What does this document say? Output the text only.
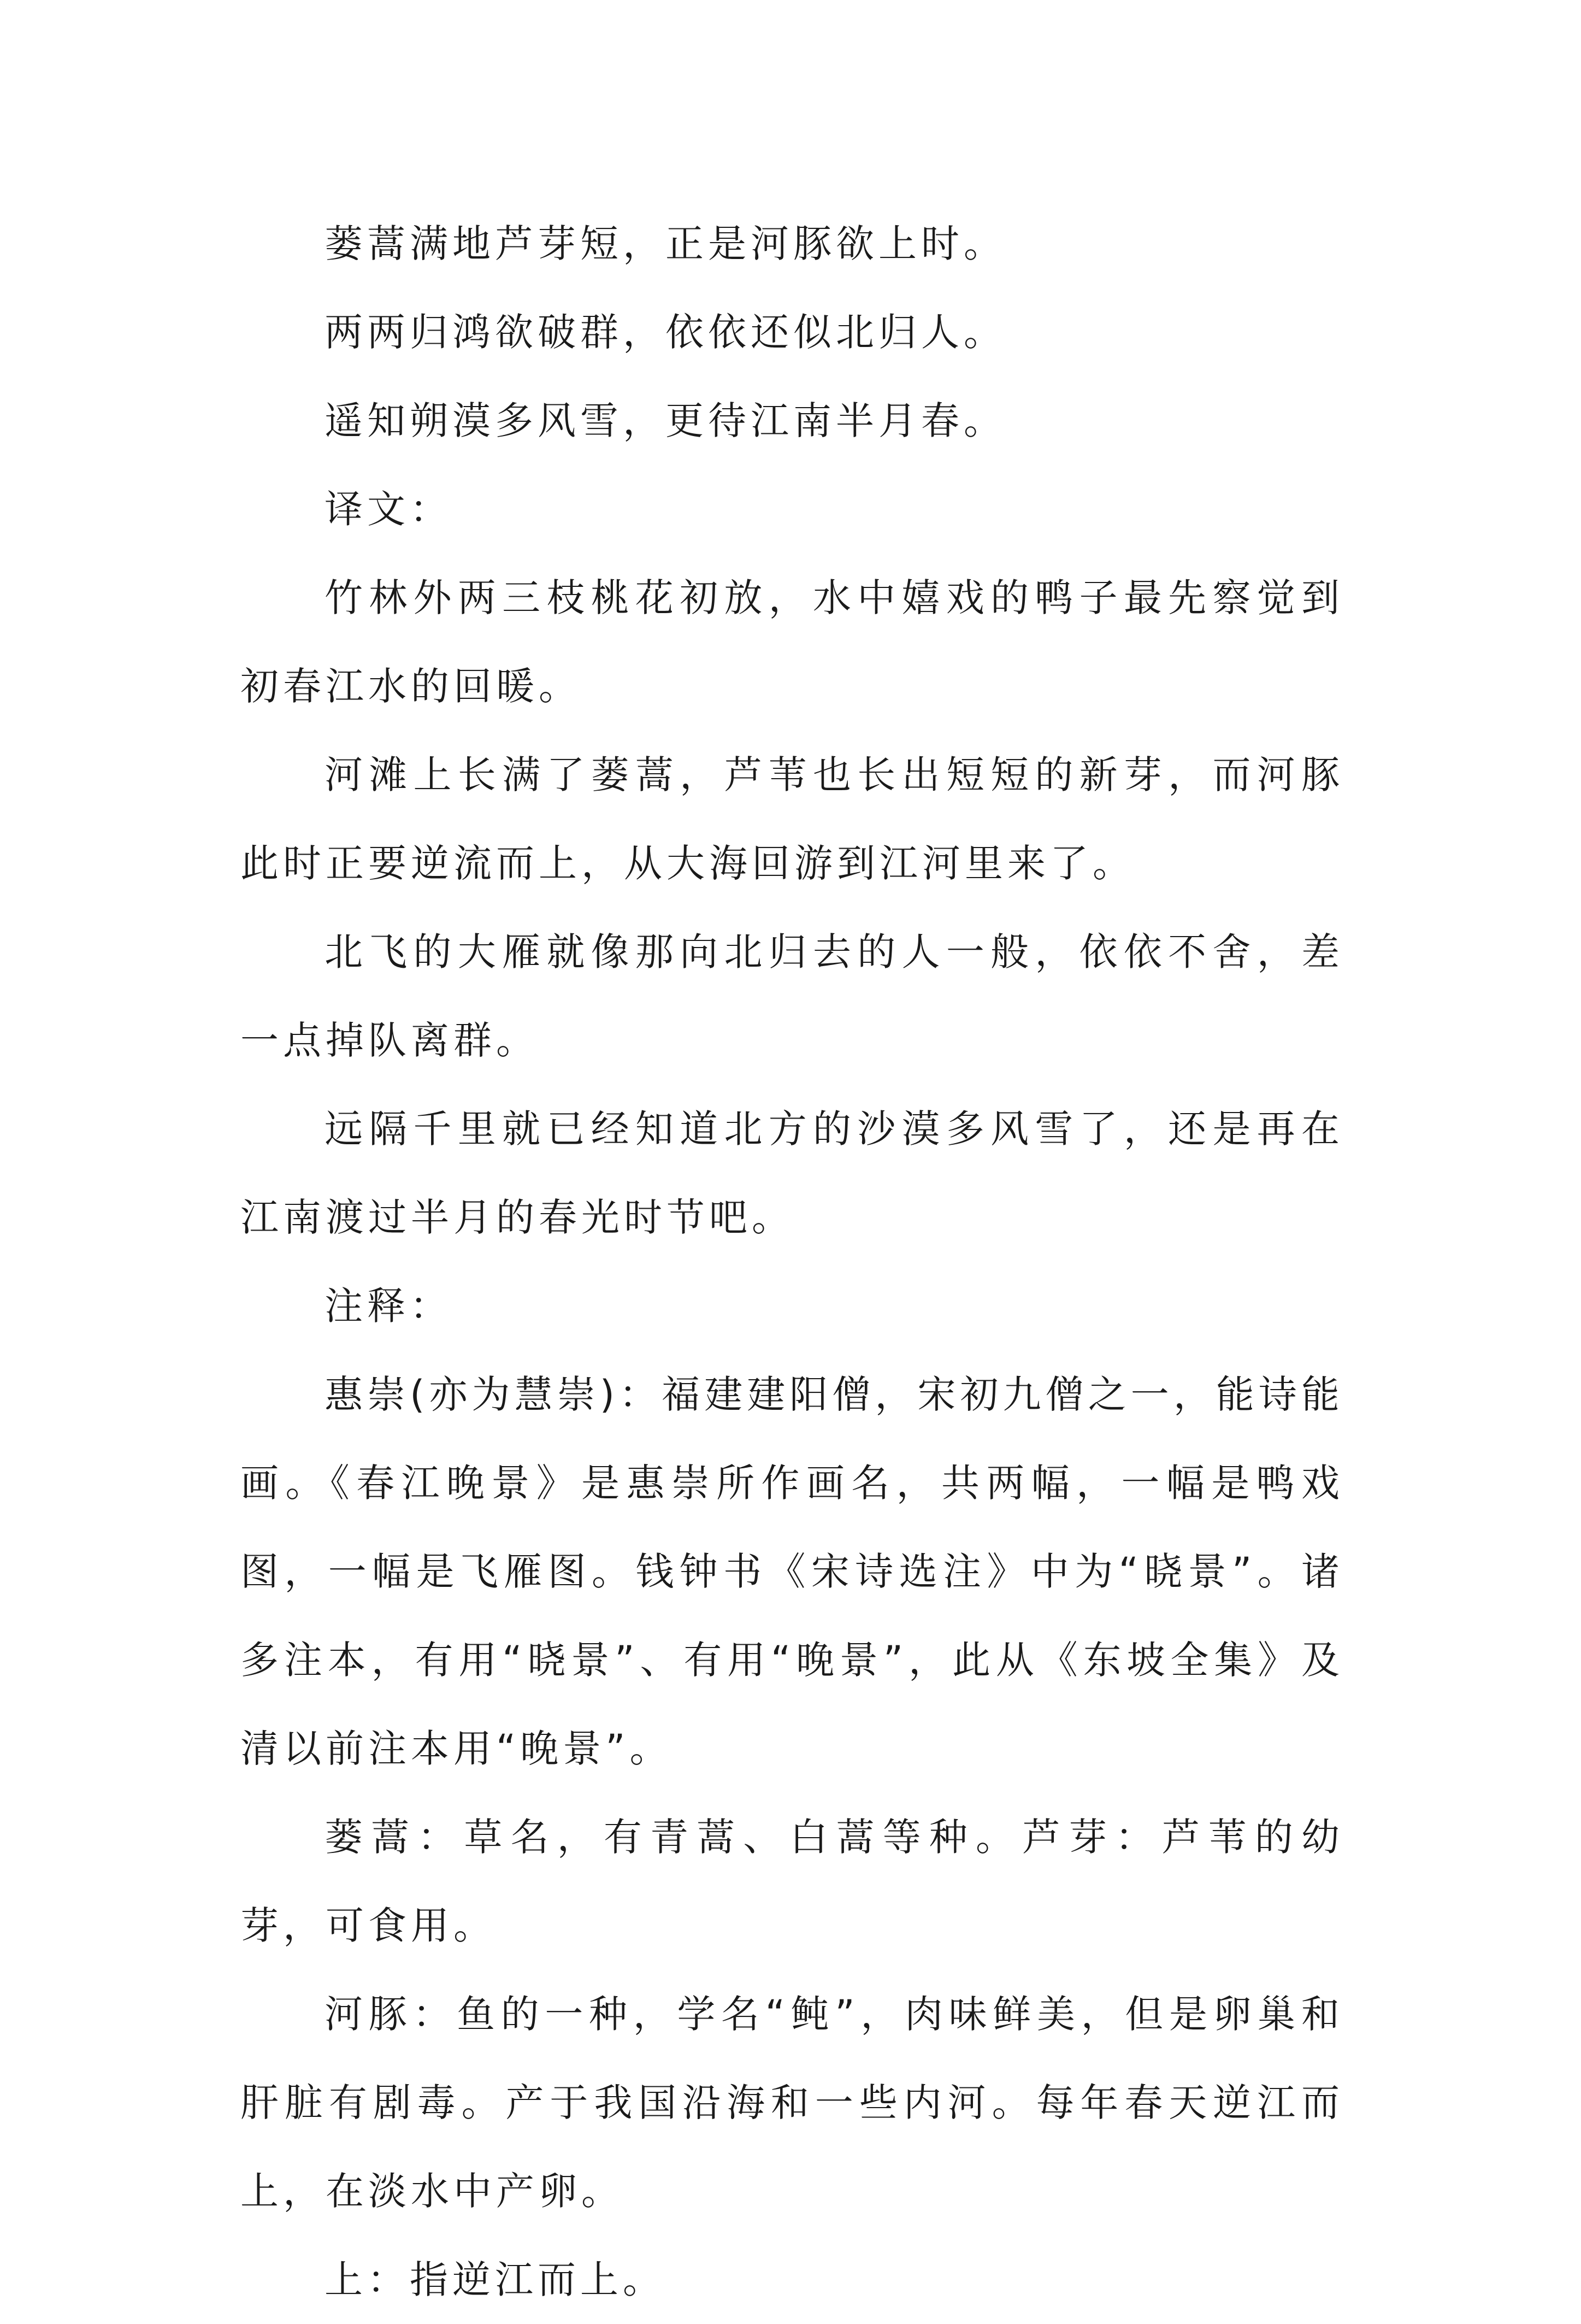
蒌蒿满地芦芽短，正是河豚欲上时。

两两归鸿欲破群，依依还似北归人。

遥知朔漠多风雪，更待江南半月春。

译文：

竹林外两三枝桃花初放，水中嬉戏的鸭子最先察觉到初春江水的回暖。

河滩上长满了蒌蒿，芦苇也长出短短的新芽，而河豚此时正要逆流而上，从大海回游到江河里来了。

北飞的大雁就像那向北归去的人一般，依依不舍，差一点掉队离群。

远隔千里就已经知道北方的沙漠多风雪了，还是再在江南渡过半月的春光时节吧。

注释：

惠崇(亦为慧崇)：福建建阳僧，宋初九僧之一，能诗能画。《春江晚景》是惠崇所作画名，共两幅，一幅是鸭戏图，一幅是飞雁图。钱钟书《宋诗选注》中为“晓景”。诸多注本，有用“晓景”、有用“晚景”，此从《东坡全集》及清以前注本用“晚景”。

蒌蒿：草名，有青蒿、白蒿等种。芦芽：芦苇的幼芽，可食用。

河豚：鱼的一种，学名“鲀”，肉味鲜美，但是卵巢和肝脏有剧毒。产于我国沿海和一些内河。每年春天逆江而上，在淡水中产卵。

上：指逆江而上。
